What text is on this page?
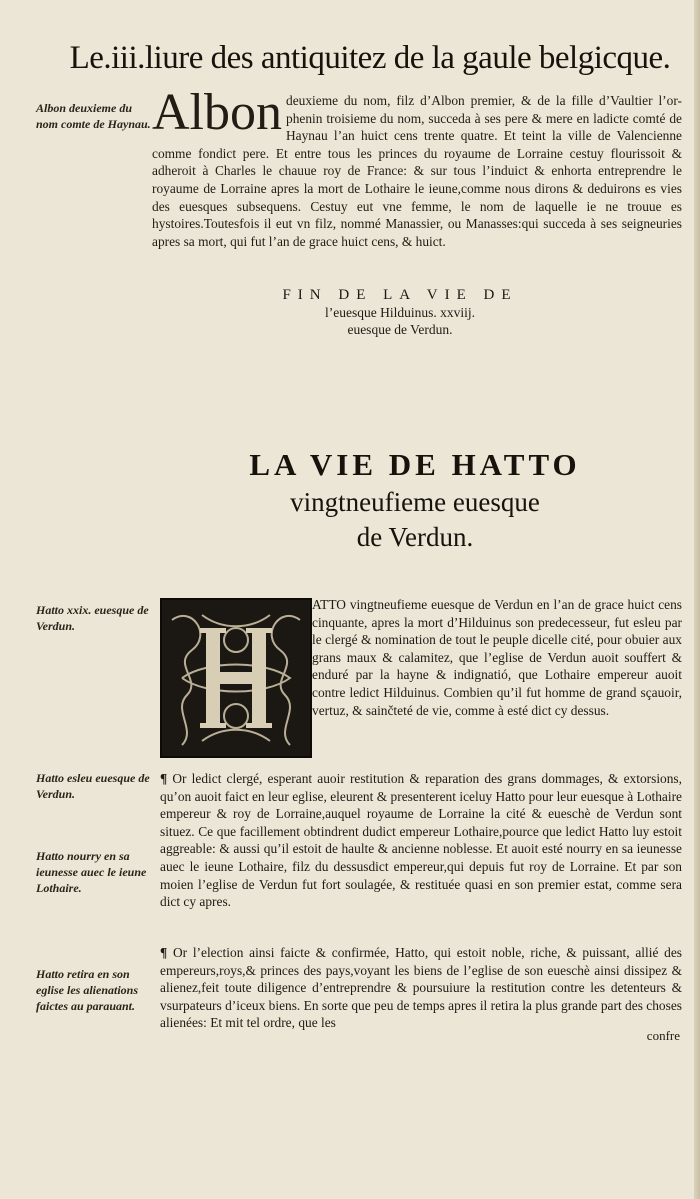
Le.iii.liure des antiquitez de la gaule belgicque.
Albon deuxieme du nom comte de Haynau. Albon deuxieme du nom, filz d’Albon premier, & de la fille d’Vaultier l’or-phenin troisieme du nom, succeda à ses pere & mere en ladicte comté de Haynau l’an huict cens trente quatre. Et teint la ville de Valencienne comme fondict pere. Et entre tous les princes du royaume de Lorraine cestuy flourissoit & adheroit à Charles le chauue roy de France: & sur tous l’induict & enhorta entreprendre le royaume de Lorraine apres la mort de Lothaire le ieune,comme nous dirons & deduirons es vies des euesques subsequens. Cestuy eut vne femme, le nom de laquelle ie ne trouue es hystoires.Toutesfois il eut vn filz, nommé Manassier, ou Manasses:qui succeda à ses seigneuries apres sa mort, qui fut l’an de grace huict cens, & huict.

FIN DE LA VIE DE
l’euesque Hilduinus. xxviij.
euesque de Verdun.
LA VIE DE HATTO
vingtneufieme euesque
de Verdun.
Hatto xxix. euesque de Verdun.
H
ATTO vingtneufieme euesque de Verdun en l’an de grace huict cens cinquante, apres la mort d’Hilduinus son predecesseur, fut esleu par le clergé & nomination de tout le peuple dicelle cité, pour obuier aux grans maux & calamitez, que l’eglise de Verdun auoit souffert & enduré par la hayne & indignatió, que Lothaire empereur auoit contre ledict Hilduinus. Combien qu’il fut homme de grand sçauoir, vertuz, & sainčteté de vie, comme à esté dict cy dessus.
Hatto esleu euesque de Verdun.
¶ Or ledict clergé, esperant auoir restitution & reparation des grans dommages, & extorsions, qu’on auoit faict en leur eglise, eleurent & presenterent iceluy Hatto pour leur euesque à Lothaire empereur & roy de Lorraine,auquel royaume de Lorraine la cité & eueschè de Verdun sont situez. Ce que facillement obtindrent dudict empereur Lothaire,pource que ledict Hatto luy estoit aggreable: & aussi qu’il estoit de haulte & ancienne noblesse. Et auoit esté nourry en sa ieunesse auec le ieune Lothaire, filz du dessusdict empereur,qui depuis fut roy de Lorraine. Et par son moien l’eglise de Verdun fut fort soulagée, & restituée quasi en son premier estat, comme sera dict cy apres.
Hatto nourry en sa ieunesse auec le ieune Lothaire.
Hatto retira en son eglise les alienations faictes au parauant.
¶ Or l’election ainsi faicte & confirmée, Hatto, qui estoit noble, riche, & puissant, allié des empereurs,roys,& princes des pays,voyant les biens de l’eglise de son eueschè ainsi dissipez & alienez,feit toute diligence d’entreprendre & poursuiure la restitution contre les detenteurs & vsurpateurs d’iceux biens. En sorte que peu de temps apres il retira la plus grande part des choses alienées: Et mit tel ordre, que les
confre
